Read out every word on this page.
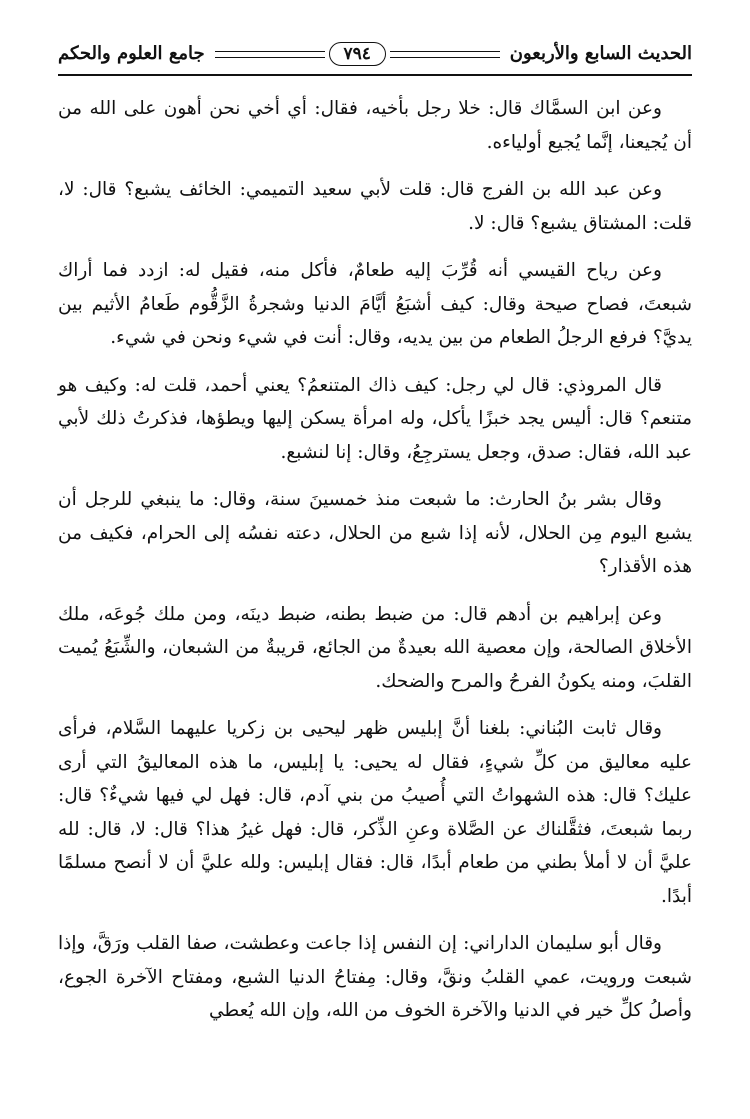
الحديث السابع والأربعون
٧٩٤
جامع العلوم والحكم

وعن ابن السمَّاك قال: خلا رجل بأخيه، فقال: أي أخي نحن أهون على الله من أن يُجيعنا، إنَّما يُجيع أولياءه.

وعن عبد الله بن الفرج قال: قلت لأبي سعيد التميمي: الخائف يشبع؟ قال: لا، قلت: المشتاق يشبع؟ قال: لا.

وعن رياح القيسي أنه قُرِّبَ إليه طعامٌ، فأكل منه، فقيل له: ازدد فما أراك شبعتَ، فصاح صيحة وقال: كيف أشبَعُ أيَّامَ الدنيا وشجرةُ الزَّقُّوم طَعامُ الأثيم بين يديَّ؟ فرفع الرجلُ الطعام من بين يديه، وقال: أنت في شيء ونحن في شيء.

قال المروذي: قال لي رجل: كيف ذاك المتنعمُ؟ يعني أحمد، قلت له: وكيف هو متنعم؟ قال: أليس يجد خبزًا يأكل، وله امرأة يسكن إليها ويطؤها، فذكرتُ ذلك لأبي عبد الله، فقال: صدق، وجعل يسترجِعُ، وقال: إنا لنشبع.

وقال بشر بنُ الحارث: ما شبعت منذ خمسينَ سنة، وقال: ما ينبغي للرجل أن يشبع اليوم مِن الحلال، لأنه إذا شبع من الحلال، دعته نفسُه إلى الحرام، فكيف من هذه الأقذار؟

وعن إبراهيم بن أدهم قال: من ضبط بطنه، ضبط دينَه، ومن ملك جُوعَه، ملك الأخلاق الصالحة، وإن معصية الله بعيدةٌ من الجائع، قريبةٌ من الشبعان، والشِّبَعُ يُميت القلبَ، ومنه يكونُ الفرحُ والمرح والضحك.

وقال ثابت البُناني: بلغنا أنَّ إبليس ظهر ليحيى بن زكريا عليهما السَّلام، فرأى عليه معاليق من كلِّ شيءٍ، فقال له يحيى: يا إبليس، ما هذه المعاليقُ التي أرى عليك؟ قال: هذه الشهواتُ التي أُصيبُ من بني آدم، قال: فهل لي فيها شيءٌ؟ قال: ربما شبعتَ، فثقَّلناك عن الصَّلاة وعنِ الذِّكر، قال: فهل غيرُ هذا؟ قال: لا، قال: لله عليَّ أن لا أملأ بطني من طعام أبدًا، قال: فقال إبليس: ولله عليَّ أن لا أنصح مسلمًا أبدًا.

وقال أبو سليمان الداراني: إن النفس إذا جاعت وعطشت، صفا القلب ورَقَّ، وإذا شبعت ورويت، عمي القلبُ ونقَّ، وقال: مِفتاحُ الدنيا الشبع، ومفتاح الآخرة الجوع، وأصلُ كلِّ خير في الدنيا والآخرة الخوف من الله، وإن الله يُعطي
